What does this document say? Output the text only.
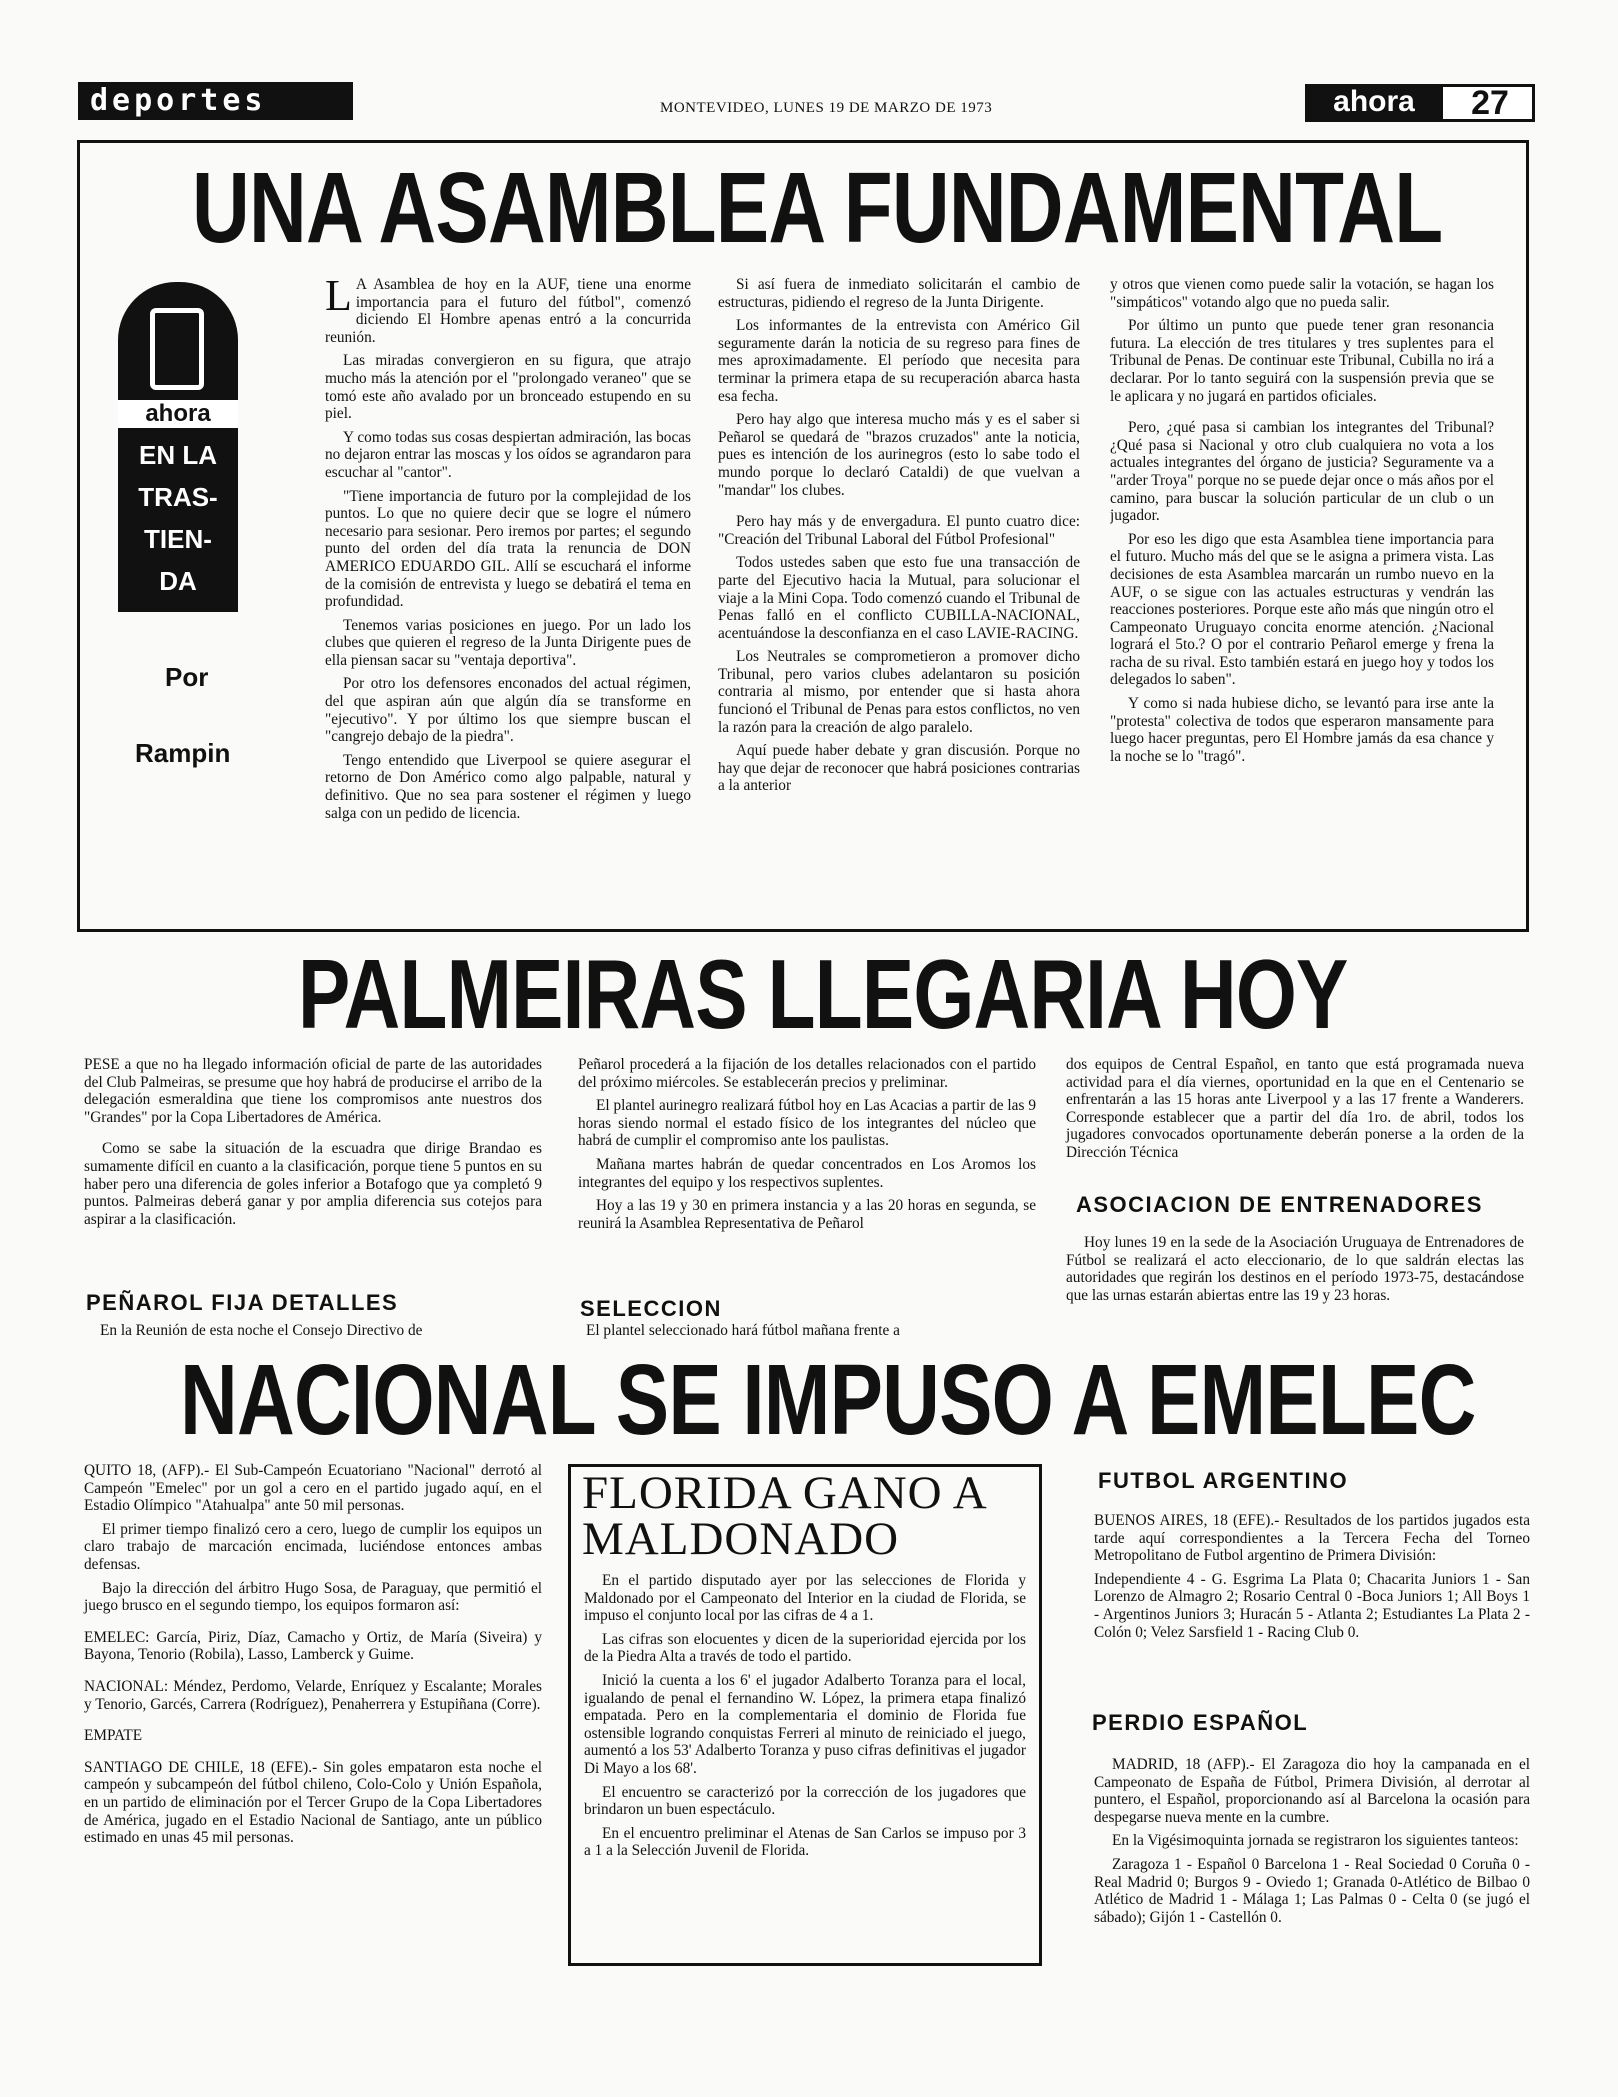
deportes	MONTEVIDEO, LUNES 19 DE MARZO DE 1973	ahora	27
UNA ASAMBLEA FUNDAMENTAL
ahora
EN LA
TRAS-
TIEN-
DA
Por
Rampin

L A Asamblea de hoy en la AUF, tiene una enorme importancia para el futuro del fútbol", comenzó diciendo El Hombre apenas entró a la concurrida reunión.

Las miradas convergieron en su figura, que atrajo mucho más la atención por el "prolongado veraneo" que se tomó este año avalado por un bronceado estupendo en su piel.

Y como todas sus cosas despiertan admiración, las bocas no dejaron entrar las moscas y los oídos se agrandaron para escuchar al "cantor".

"Tiene importancia de futuro por la complejidad de los puntos. Lo que no quiere decir que se logre el número necesario para sesionar. Pero iremos por partes; el segundo punto del orden del día trata la renuncia de DON AMERICO EDUARDO GIL. Allí se escuchará el informe de la comisión de entrevista y luego se debatirá el tema en profundidad.

Tenemos varias posiciones en juego. Por un lado los clubes que quieren el regreso de la Junta Dirigente pues de ella piensan sacar su "ventaja deportiva".

Por otro los defensores enconados del actual régimen, del que aspiran aún que algún día se transforme en "ejecutivo". Y por último los que siempre buscan el "cangrejo debajo de la piedra".

Tengo entendido que Liverpool se quiere asegurar el retorno de Don Américo como algo palpable, natural y definitivo. Que no sea para sostener el régimen y luego salga con un pedido de licencia.

Si así fuera de inmediato solicitarán el cambio de estructuras, pidiendo el regreso de la Junta Dirigente.

Los informantes de la entrevista con Américo Gil seguramente darán la noticia de su regreso para fines de mes aproximadamente. El período que necesita para terminar la primera etapa de su recuperación abarca hasta esa fecha.

Pero hay algo que interesa mucho más y es el saber si Peñarol se quedará de "brazos cruzados" ante la noticia, pues es intención de los aurinegros (esto lo sabe todo el mundo porque lo declaró Cataldi) de que vuelvan a "mandar" los clubes.

Pero hay más y de envergadura. El punto cuatro dice: "Creación del Tribunal Laboral del Fútbol Profesional"

Todos ustedes saben que esto fue una transacción de parte del Ejecutivo hacia la Mutual, para solucionar el viaje a la Mini Copa. Todo comenzó cuando el Tribunal de Penas falló en el conflicto CUBILLA-NACIONAL, acentuándose la desconfianza en el caso LAVIE-RACING.

Los Neutrales se comprometieron a promover dicho Tribunal, pero varios clubes adelantaron su posición contraria al mismo, por entender que si hasta ahora funcionó el Tribunal de Penas para estos conflictos, no ven la razón para la creación de algo paralelo.

Aquí puede haber debate y gran discusión. Porque no hay que dejar de reconocer que habrá posiciones contrarias a la anterior

y otros que vienen como puede salir la votación, se hagan los "simpáticos" votando algo que no pueda salir.

Por último un punto que puede tener gran resonancia futura. La elección de tres titulares y tres suplentes para el Tribunal de Penas. De continuar este Tribunal, Cubilla no irá a declarar. Por lo tanto seguirá con la suspensión previa que se le aplicara y no jugará en partidos oficiales.

Pero, ¿qué pasa si cambian los integrantes del Tribunal? ¿Qué pasa si Nacional y otro club cualquiera no vota a los actuales integrantes del órgano de justicia? Seguramente va a "arder Troya" porque no se puede dejar once o más años por el camino, para buscar la solución particular de un club o un jugador.

Por eso les digo que esta Asamblea tiene importancia para el futuro. Mucho más del que se le asigna a primera vista. Las decisiones de esta Asamblea marcarán un rumbo nuevo en la AUF, o se sigue con las actuales estructuras y vendrán las reacciones posteriores. Porque este año más que ningún otro el Campeonato Uruguayo concita enorme atención. ¿Nacional logrará el 5to.? O por el contrario Peñarol emerge y frena la racha de su rival. Esto también estará en juego hoy y todos los delegados lo saben".

Y como si nada hubiese dicho, se levantó para irse ante la "protesta" colectiva de todos que esperaron mansamente para luego hacer preguntas, pero El Hombre jamás da esa chance y la noche se lo "tragó".

PALMEIRAS LLEGARIA HOY

PESE a que no ha llegado información oficial de parte de las autoridades del Club Palmeiras, se presume que hoy habrá de producirse el arribo de la delegación esmeraldina que tiene los compromisos ante nuestros dos "Grandes" por la Copa Libertadores de América.

Como se sabe la situación de la escuadra que dirige Brandao es sumamente difícil en cuanto a la clasificación, porque tiene 5 puntos en su haber pero una diferencia de goles inferior a Botafogo que ya completó 9 puntos. Palmeiras deberá ganar y por amplia diferencia sus cotejos para aspirar a la clasificación.

PEÑAROL FIJA DETALLES
En la Reunión de esta noche el Consejo Directivo de

Peñarol procederá a la fijación de los detalles relacionados con el partido del próximo miércoles. Se establecerán precios y preliminar.

El plantel aurinegro realizará fútbol hoy en Las Acacias a partir de las 9 horas siendo normal el estado físico de los integrantes del núcleo que habrá de cumplir el compromiso ante los paulistas.

Mañana martes habrán de quedar concentrados en Los Aromos los integrantes del equipo y los respectivos suplentes.

Hoy a las 19 y 30 en primera instancia y a las 20 horas en segunda, se reunirá la Asamblea Representativa de Peñarol

SELECCION
El plantel seleccionado hará fútbol mañana frente a

dos equipos de Central Español, en tanto que está programada nueva actividad para el día viernes, oportunidad en la que en el Centenario se enfrentarán a las 15 horas ante Liverpool y a las 17 frente a Wanderers. Corresponde establecer que a partir del día 1ro. de abril, todos los jugadores convocados oportunamente deberán ponerse a la orden de la Dirección Técnica

ASOCIACION DE ENTRENADORES

Hoy lunes 19 en la sede de la Asociación Uruguaya de Entrenadores de Fútbol se realizará el acto eleccionario, de lo que saldrán electas las autoridades que regirán los destinos en el período 1973-75, destacándose que las urnas estarán abiertas entre las 19 y 23 horas.

NACIONAL SE IMPUSO A EMELEC

QUITO 18, (AFP).- El Sub-Campeón Ecuatoriano "Nacional" derrotó al Campeón "Emelec" por un gol a cero en el partido jugado aquí, en el Estadio Olímpico "Atahualpa" ante 50 mil personas.

El primer tiempo finalizó cero a cero, luego de cumplir los equipos un claro trabajo de marcación encimada, luciéndose entonces ambas defensas.

Bajo la dirección del árbitro Hugo Sosa, de Paraguay, que permitió el juego brusco en el segundo tiempo, los equipos formaron así:

EMELEC: García, Piriz, Díaz, Camacho y Ortiz, de María (Siveira) y Bayona, Tenorio (Robila), Lasso, Lamberck y Guime.

NACIONAL: Méndez, Perdomo, Velarde, Enríquez y Escalante; Morales y Tenorio, Garcés, Carrera (Rodríguez), Penaherrera y Estupiñana (Corre).

EMPATE

SANTIAGO DE CHILE, 18 (EFE).- Sin goles empataron esta noche el campeón y subcampeón del fútbol chileno, Colo-Colo y Unión Española, en un partido de eliminación por el Tercer Grupo de la Copa Libertadores de América, jugado en el Estadio Nacional de Santiago, ante un público estimado en unas 45 mil personas.

FLORIDA GANO A MALDONADO

En el partido disputado ayer por las selecciones de Florida y Maldonado por el Campeonato del Interior en la ciudad de Florida, se impuso el conjunto local por las cifras de 4 a 1.

Las cifras son elocuentes y dicen de la superioridad ejercida por los de la Piedra Alta a través de todo el partido.

Inició la cuenta a los 6' el jugador Adalberto Toranza para el local, igualando de penal el fernandino W. López, la primera etapa finalizó empatada. Pero en la complementaria el dominio de Florida fue ostensible logrando conquistas Ferreri al minuto de reiniciado el juego, aumentó a los 53' Adalberto Toranza y puso cifras definitivas el jugador Di Mayo a los 68'.

El encuentro se caracterizó por la corrección de los jugadores que brindaron un buen espectáculo.

En el encuentro preliminar el Atenas de San Carlos se impuso por 3 a 1 a la Selección Juvenil de Florida.

FUTBOL ARGENTINO

BUENOS AIRES, 18 (EFE).- Resultados de los partidos jugados esta tarde aquí correspondientes a la Tercera Fecha del Torneo Metropolitano de Futbol argentino de Primera División:

Independiente 4 - G. Esgrima La Plata 0; Chacarita Juniors 1 - San Lorenzo de Almagro 2; Rosario Central 0 -Boca Juniors 1; All Boys 1 - Argentinos Juniors 3; Huracán 5 - Atlanta 2; Estudiantes La Plata 2 -Colón 0; Velez Sarsfield 1 - Racing Club 0.

PERDIO ESPAÑOL

MADRID, 18 (AFP).- El Zaragoza dio hoy la campanada en el Campeonato de España de Fútbol, Primera División, al derrotar al puntero, el Español, proporcionando así al Barcelona la ocasión para despegarse nueva mente en la cumbre.

En la Vigésimoquinta jornada se registraron los siguientes tanteos:

Zaragoza 1 - Español 0 Barcelona 1 - Real Sociedad 0 Coruña 0 - Real Madrid 0; Burgos 9 - Oviedo 1; Granada 0-Atlético de Bilbao 0 Atlético de Madrid 1 - Málaga 1; Las Palmas 0 - Celta 0 (se jugó el sábado); Gijón 1 - Castellón 0.
